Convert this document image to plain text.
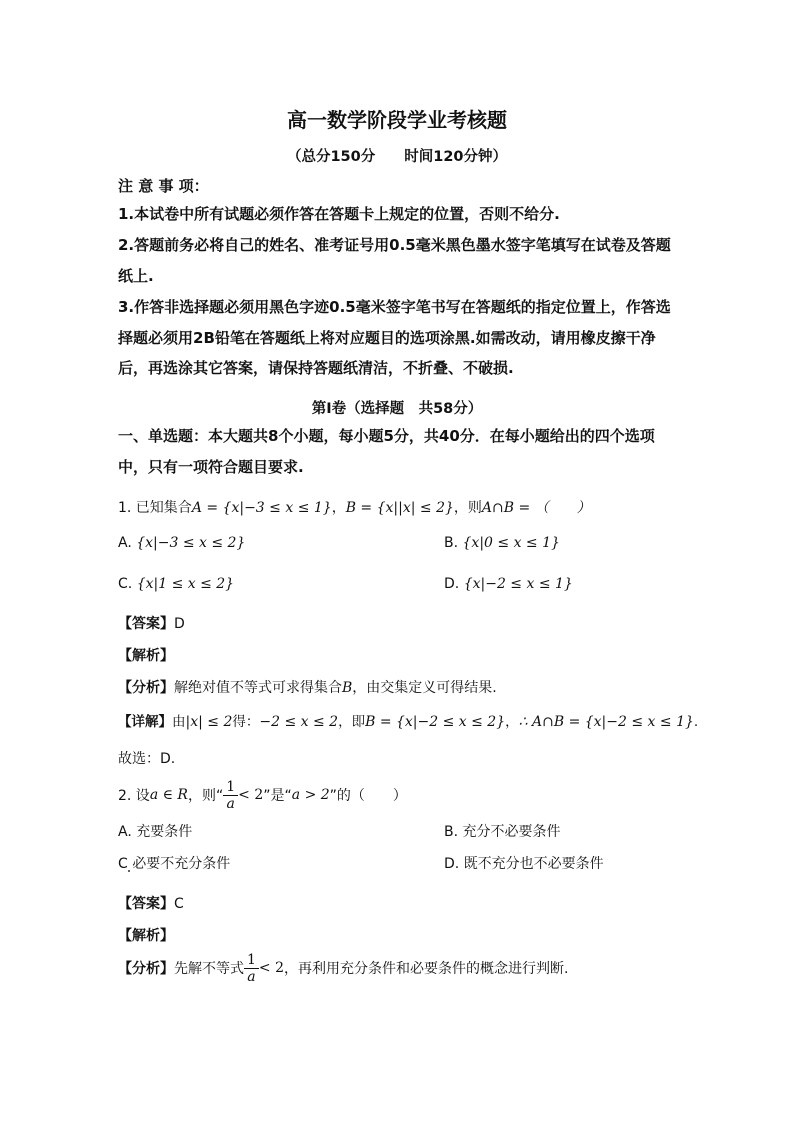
高一数学阶段学业考核题
（总分150分　　时间120分钟）
注 意 事 项：
1.本试卷中所有试题必须作答在答题卡上规定的位置，否则不给分.
2.答题前务必将自己的姓名、准考证号用0.5毫米黑色墨水签字笔填写在试卷及答题纸上.
3.作答非选择题必须用黑色字迹0.5毫米签字笔书写在答题纸的指定位置上，作答选择题必须用2B铅笔在答题纸上将对应题目的选项涂黑.如需改动，请用橡皮擦干净后，再选涂其它答案，请保持答题纸清洁，不折叠、不破损.
第Ⅰ卷（选择题　共58分）
一、单选题：本大题共8个小题，每小题5分，共40分．在每小题给出的四个选项中，只有一项符合题目要求.
1. 已知集合A = {x|−3 ≤ x ≤ 1}，B = {x||x| ≤ 2}，则A∩B = （　　）
A. {x|−3 ≤ x ≤ 2}	B. {x|0 ≤ x ≤ 1}
C. {x|1 ≤ x ≤ 2}	D. {x|−2 ≤ x ≤ 1}
【答案】D
【解析】
【分析】解绝对值不等式可求得集合B，由交集定义可得结果.
【详解】由|x| ≤ 2得：−2 ≤ x ≤ 2，即B = {x|−2 ≤ x ≤ 2}，∴ A∩B = {x|−2 ≤ x ≤ 1}.
故选：D.
2. 设 a ∈ R ，则“ $\frac{1}{a} < 2$ ”是“ a > 2 ”的（　　）
A. 充要条件	B. 充分不必要条件
C 必要不充分条件	D. 既不充分也不必要条件
【答案】C
【解析】
【分析】 先解不等式 $\frac{1}{a} < 2$ ，再利用充分条件和必要条件的概念进行判断.
